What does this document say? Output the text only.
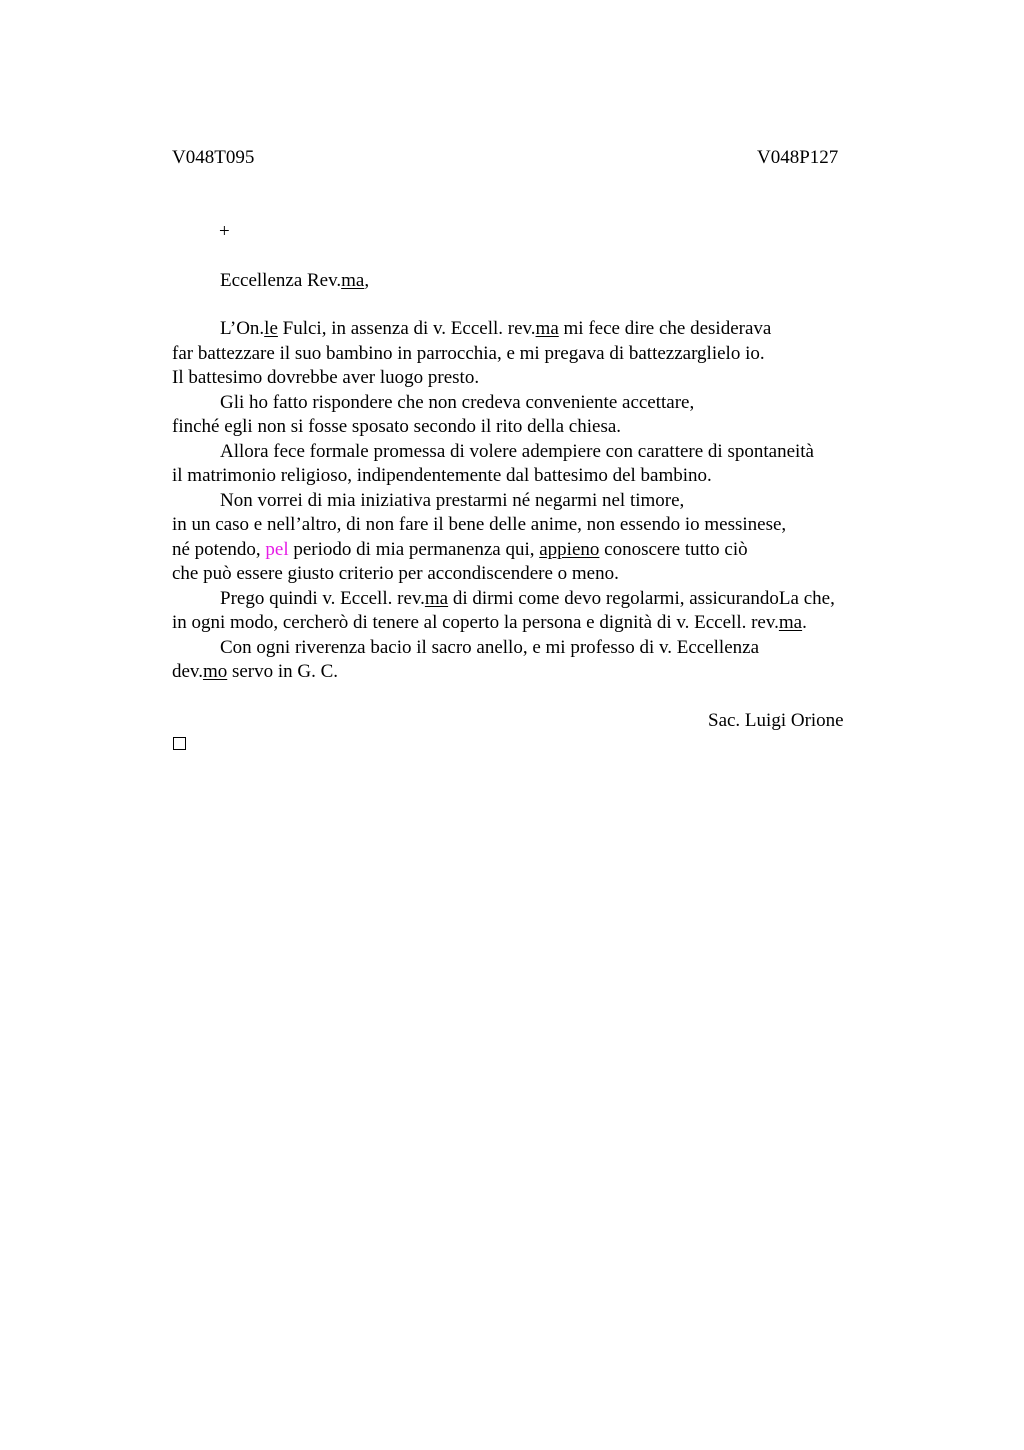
V048T095	V048P127
+
Eccellenza Rev.ma,
L’On.le Fulci, in assenza di v. Eccell. rev.ma mi fece dire che desiderava
far battezzare il suo bambino in parrocchia, e mi pregava di battezzarglielo io.
Il battesimo dovrebbe aver luogo presto.
Gli ho fatto rispondere che non credeva conveniente accettare,
finché egli non si fosse sposato secondo il rito della chiesa.
Allora fece formale promessa di volere adempiere con carattere di spontaneità
il matrimonio religioso, indipendentemente dal battesimo del bambino.
Non vorrei di mia iniziativa prestarmi né negarmi nel timore,
in un caso e nell’altro, di non fare il bene delle anime, non essendo io messinese,
né potendo, pel periodo di mia permanenza qui, appieno conoscere tutto ciò
che può essere giusto criterio per accondiscendere o meno.
Prego quindi v. Eccell. rev.ma di dirmi come devo regolarmi, assicurandoLa che,
in ogni modo, cercherò di tenere al coperto la persona e dignità di v. Eccell. rev.ma.
Con ogni riverenza bacio il sacro anello, e mi professo di v. Eccellenza
dev.mo servo in G. C.
Sac. Luigi Orione
